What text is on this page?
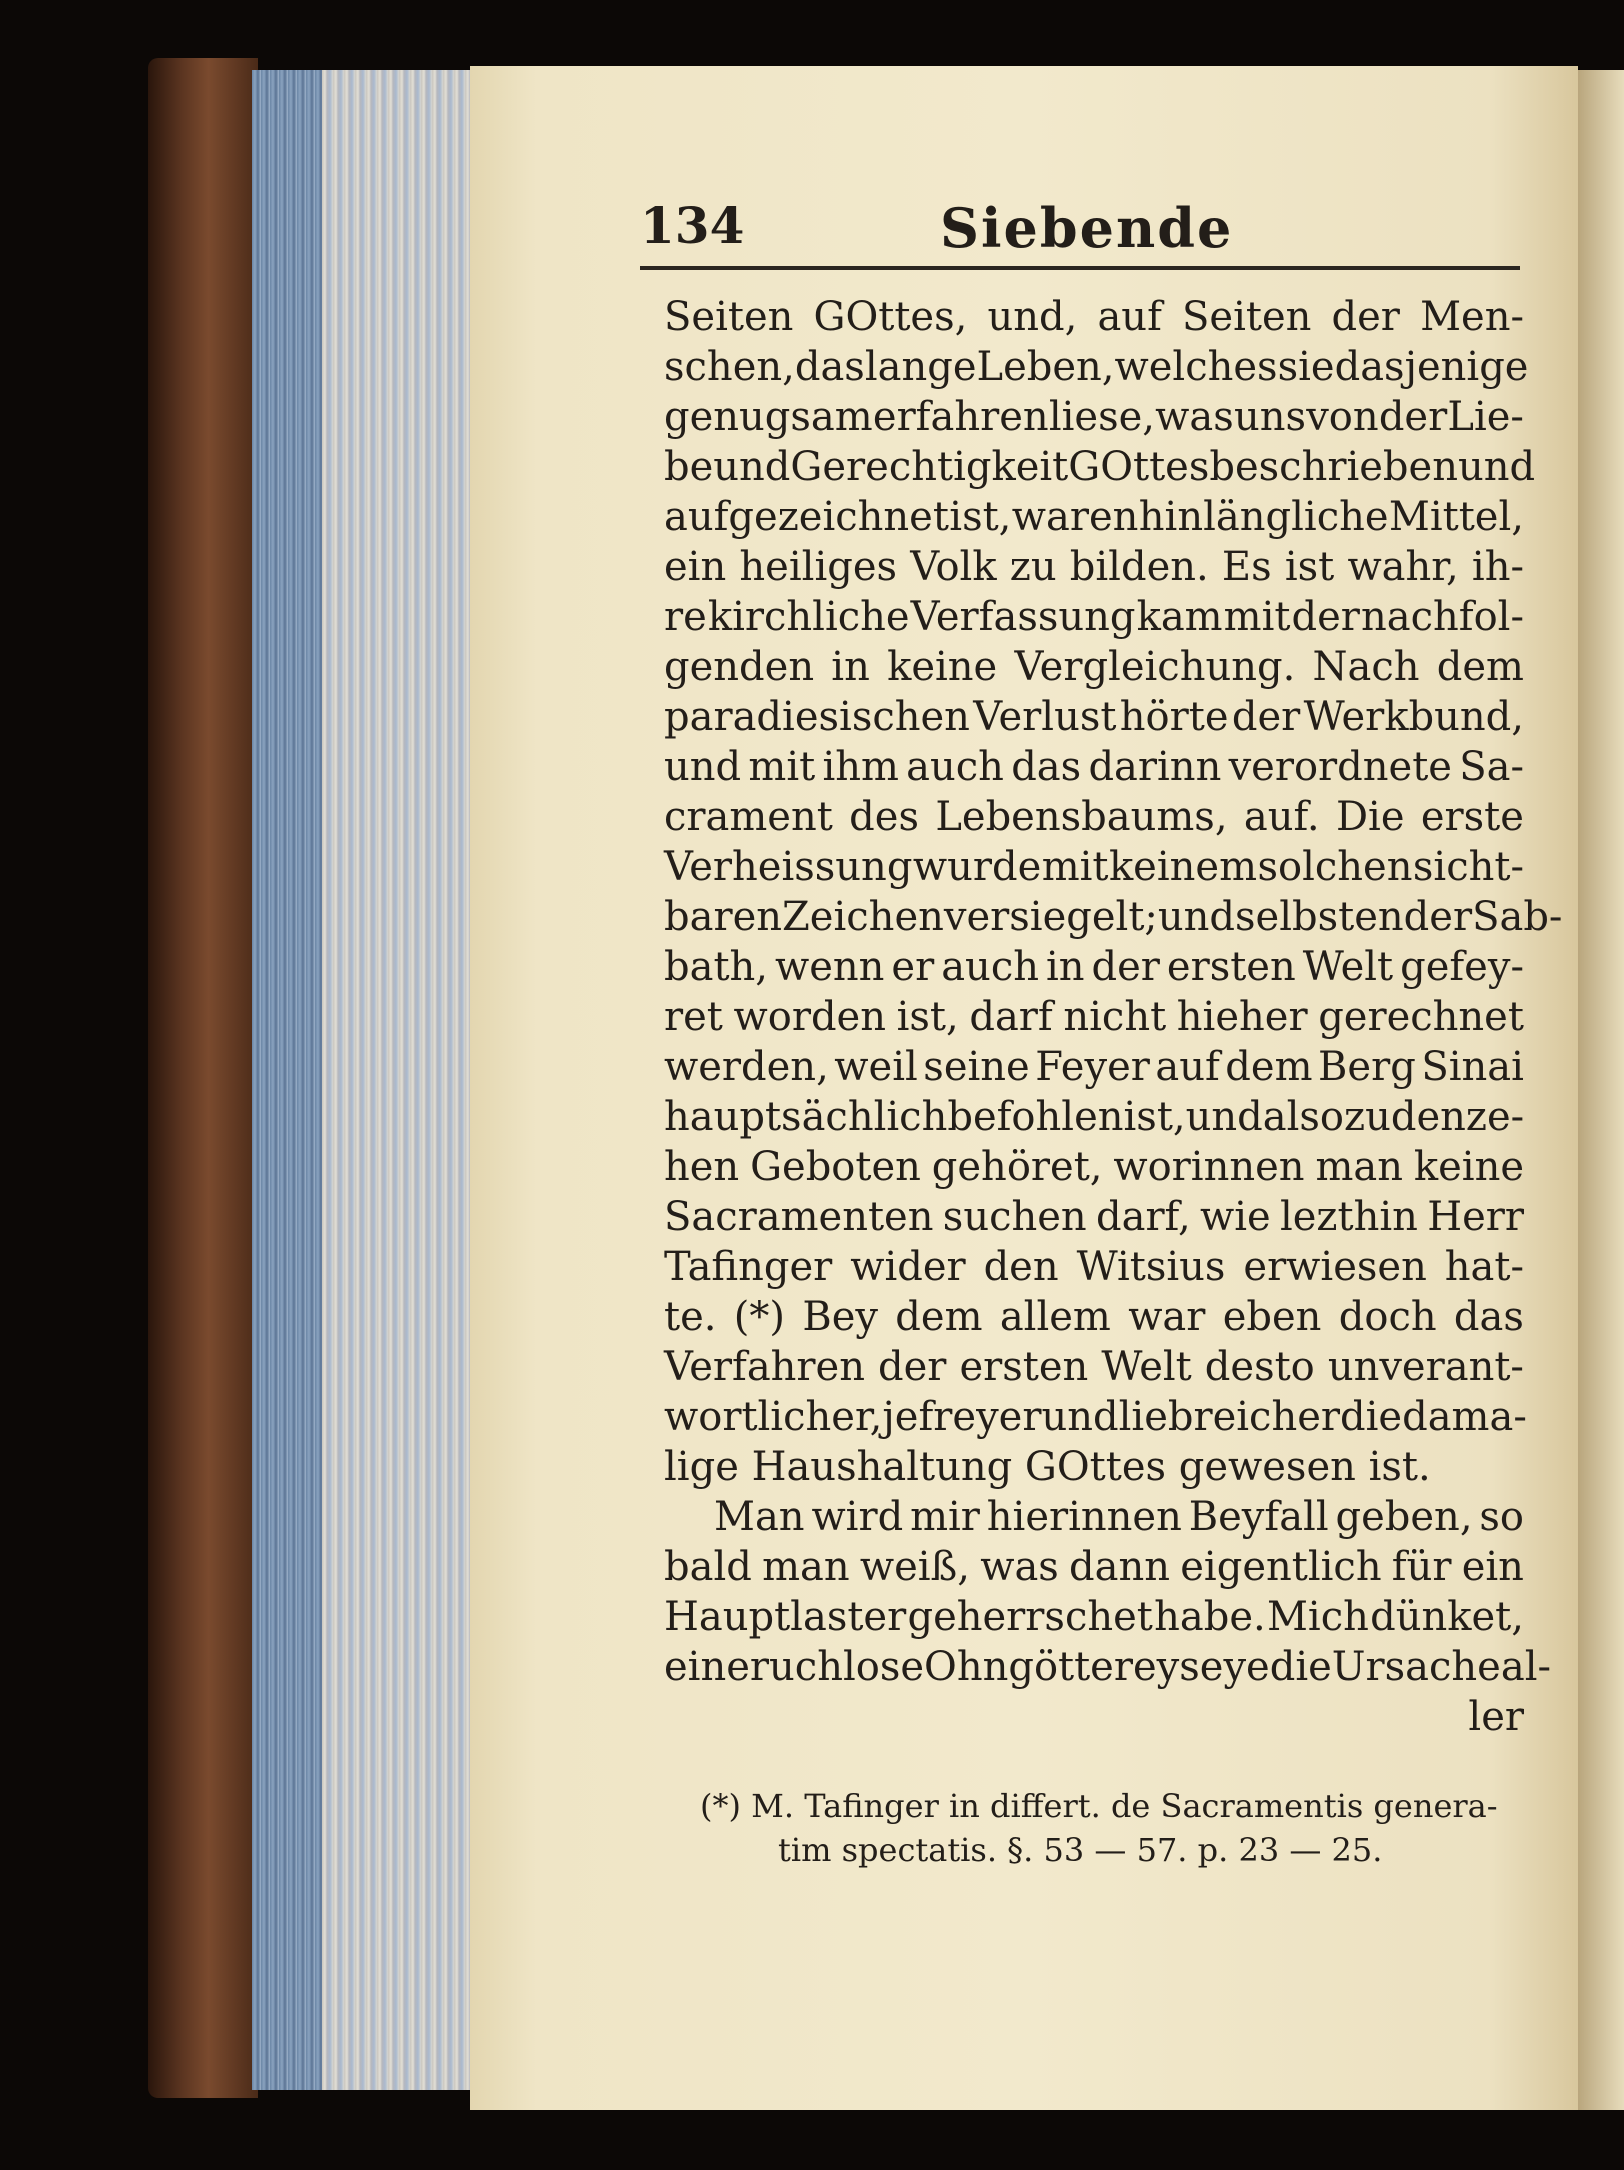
134	Siebende
Seiten GOttes, und, auf Seiten der Men-
schen, das lange Leben, welches sie dasjenige
genugsam erfahren liese, was uns von der Lie-
be und Gerechtigkeit GOttes beschrieben und
aufgezeichnet ist, waren hinlängliche Mittel,
ein heiliges Volk zu bilden. Es ist wahr, ih-
re kirchliche Verfassung kam mit der nachfol-
genden in keine Vergleichung. Nach dem
paradiesischen Verlust hörte der Werkbund,
und mit ihm auch das darinn verordnete Sa-
crament des Lebensbaums, auf. Die erste
Verheissung wurde mit keinem solchen sicht-
baren Zeichen versiegelt; und selbsten der Sab-
bath, wenn er auch in der ersten Welt gefey-
ret worden ist, darf nicht hieher gerechnet
werden, weil seine Feyer auf dem Berg Sinai
hauptsächlich befohlen ist, und also zu den ze-
hen Geboten gehöret, worinnen man keine
Sacramenten suchen darf, wie lezthin Herr
Tafinger wider den Witsius erwiesen hat-
te. (*) Bey dem allem war eben doch das
Verfahren der ersten Welt desto unverant-
wortlicher, je freyer und liebreicher die dama-
lige Haushaltung GOttes gewesen ist.
Man wird mir hierinnen Beyfall geben, so
bald man weiß, was dann eigentlich für ein
Hauptlaster geherrschet habe. Mich dünket,
eine ruchlose Ohngötterey seye die Ursache al-
ler
(*) M. Tafinger in differt. de Sacramentis genera-
tim spectatis. §. 53 — 57. p. 23 — 25.
